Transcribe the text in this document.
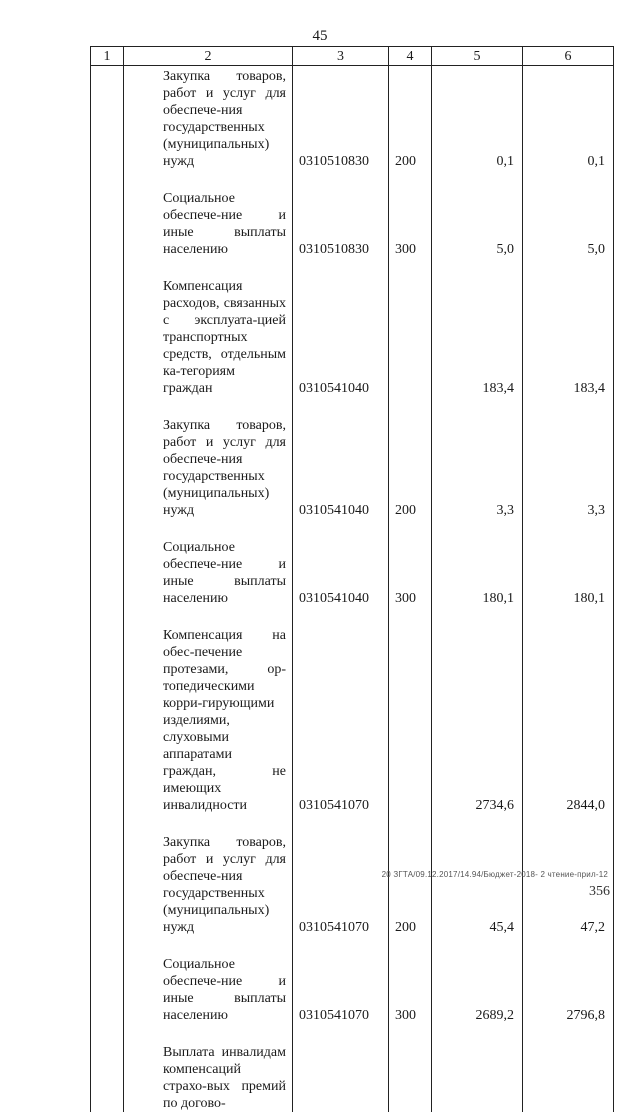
45
1	2	3	4	5	6
	Закупка товаров, работ и услуг для обеспече-ния государственных (муниципальных) нужд	0310510830	200	0,1	0,1

	Социальное обеспече-ние и иные выплаты населению	0310510830	300	5,0	5,0

	Компенсация расходов, связанных с эксплуата-цией транспортных средств, отдельным ка-тегориям граждан	0310541040		183,4	183,4

	Закупка товаров, работ и услуг для обеспече-ния государственных (муниципальных) нужд	0310541040	200	3,3	3,3

	Социальное обеспече-ние и иные выплаты населению	0310541040	300	180,1	180,1

	Компенсация на обес-печение протезами, ор-топедическими корри-гирующими изделиями, слуховыми аппаратами граждан, не имеющих инвалидности	0310541070		2734,6	2844,0

	Закупка товаров, работ и услуг для обеспече-ния государственных (муниципальных) нужд	0310541070	200	45,4	47,2

	Социальное обеспече-ние и иные выплаты населению	0310541070	300	2689,2	2796,8

	Выплата инвалидам компенсаций страхо-вых премий по догово-				
20 ЗГТА/09.12.2017/14.94/Бюджет-2018- 2 чтение-прил-12
356
